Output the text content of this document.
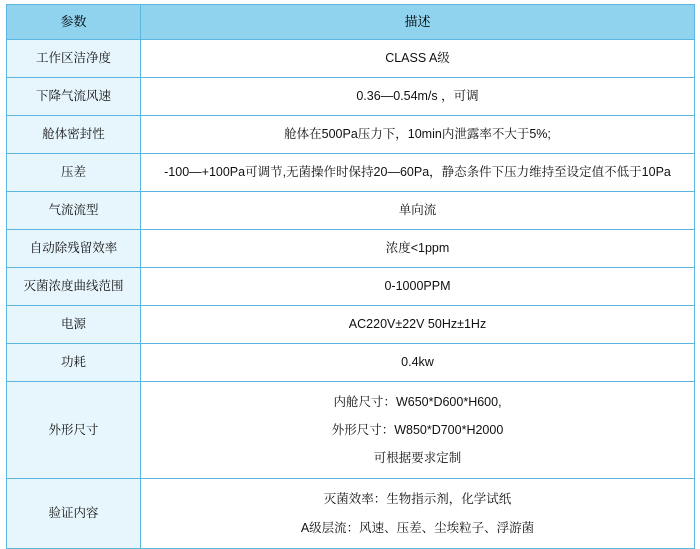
参数	描述
工作区洁净度	CLASS A级
下降气流风速	0.36—0.54m/s ，可调
舱体密封性	舱体在500Pa压力下，10min内泄露率不大于5%;
压差	-100—+100Pa可调节,无菌操作时保持20—60Pa，静态条件下压力维持至设定值不低于10Pa
气流流型	单向流
自动除残留效率	浓度<1ppm
灭菌浓度曲线范围	0-1000PPM
电源	AC220V±22V 50Hz±1Hz
功耗	0.4kw
外形尺寸	内舱尺寸：W650*D600*H600,
外形尺寸：W850*D700*H2000
可根据要求定制

验证内容	灭菌效率：生物指示剂，化学试纸
A级层流：风速、压差、尘埃粒子、浮游菌
